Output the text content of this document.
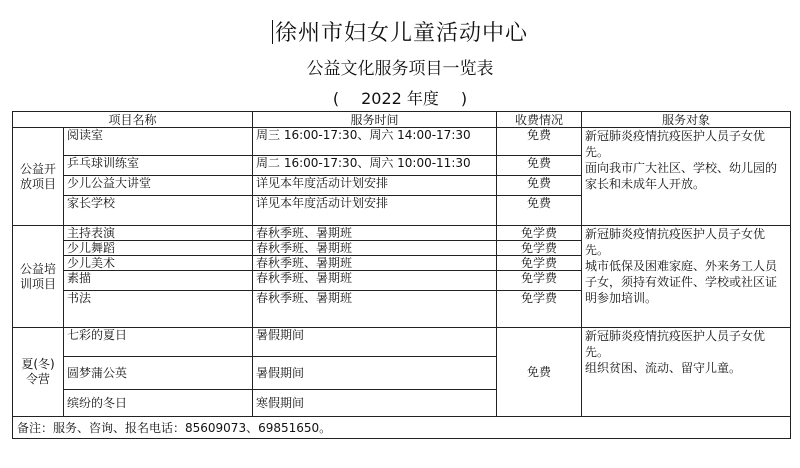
徐州市妇女儿童活动中心
公益文化服务项目一览表
( 2022 年度 )
项目名称		服务时间	收费情况	服务对象
公益开放项目	阅读室	周三 16:00-17:30、周六 14:00-17:30	免费	新冠肺炎疫情抗疫医护人员子女优先。
面向我市广大社区、学校、幼儿园的家长和未成年人开放。

	乒乓球训练室	周二 16:00-17:30、周六 10:00-11:30	免费	
	少儿公益大讲堂	详见本年度活动计划安排	免费	
	家长学校	详见本年度活动计划安排	免费	
公益培训项目	主持表演	春秋季班、暑期班	免学费	新冠肺炎疫情抗疫医护人员子女优先。
城市低保及困难家庭、外来务工人员子女，须持有效证件、学校或社区证明参加培训。

	少儿舞蹈	春秋季班、暑期班	免学费	
	少儿美术	春秋季班、暑期班	免学费	
	素描	春秋季班、暑期班	免学费	
	书法	春秋季班、暑期班	免学费	
夏(冬)令营	七彩的夏日	暑假期间	免费	新冠肺炎疫情抗疫医护人员子女优先。
组织贫困、流动、留守儿童。

	圆梦蒲公英	暑假期间		
	缤纷的冬日	寒假期间		
备注：服务、咨询、报名电话：85609073、69851650。				
